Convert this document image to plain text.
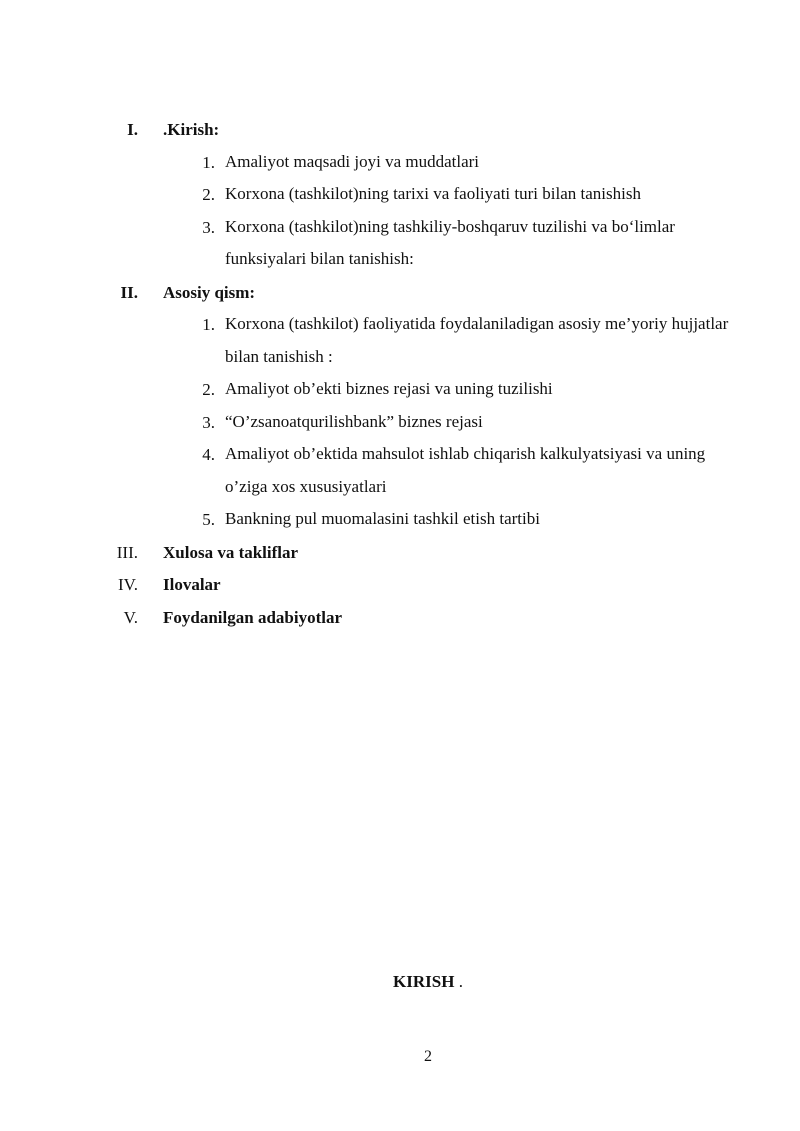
I. .Kirish:
1. Amaliyot maqsadi joyi va muddatlari
2. Korxona (tashkilot)ning tarixi va faoliyati turi bilan tanishish
3. Korxona (tashkilot)ning tashkiliy-boshqaruv tuzilishi va bo‘limlar funksiyalari bilan tanishish:
II. Asosiy qism:
1. Korxona (tashkilot) faoliyatida foydalaniladigan asosiy me’yoriy hujjatlar bilan tanishish :
2. Amaliyot ob’ekti biznes rejasi va uning tuzilishi
3. “O’zsanoatqurilishbank” biznes rejasi
4. Amaliyot ob’ektida mahsulot ishlab chiqarish kalkulyatsiyasi va uning o’ziga xos xususiyatlari
5. Bankning pul muomalasini tashkil etish tartibi
III. Xulosa va takliflar
IV. Ilovalar
V. Foydanilgan adabiyotlar
KIRISH .
2
